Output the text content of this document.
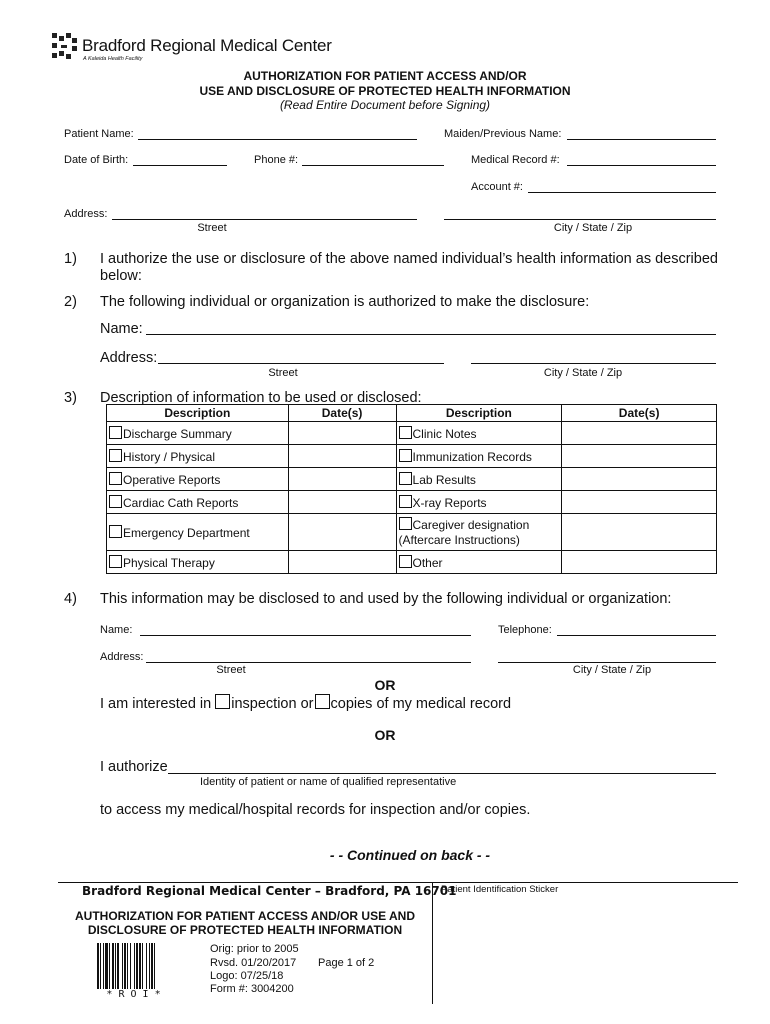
Bradford Regional Medical Center
A Kaleida Health Facility
AUTHORIZATION FOR PATIENT ACCESS AND/OR
USE AND DISCLOSURE OF PROTECTED HEALTH INFORMATION
(Read Entire Document before Signing)
Patient Name:	Maiden/Previous Name:
Date of Birth:	Phone #:	Medical Record #:
Account #:
Address:
Street	City / State / Zip
1) I authorize the use or disclosure of the above named individual’s health information as described
below:
2) The following individual or organization is authorized to make the disclosure:
Name:
Address:
Street	City / State / Zip
3) Description of information to be used or disclosed:
Description	Date(s)	Description	Date(s)
Discharge Summary		Clinic Notes	
History / Physical		Immunization Records	
Operative Reports		Lab Results	
Cardiac Cath Reports		X-ray Reports	
Emergency Department		Caregiver designation
(Aftercare Instructions)	
Physical Therapy		Other	
4) This information may be disclosed to and used by the following individual or organization:
Name:	Telephone:
Address:
Street	City / State / Zip
OR
I am interested in inspection or copies of my medical record
OR
I authorize
Identity of patient or name of qualified representative
to access my medical/hospital records for inspection and/or copies.
- - Continued on back - -
Bradford Regional Medical Center – Bradford, PA 16701
Patient Identification Sticker
AUTHORIZATION FOR PATIENT ACCESS AND/OR USE AND
DISCLOSURE OF PROTECTED HEALTH INFORMATION
* R O I *
Orig: prior to 2005
Rvsd. 01/20/2017 Page 1 of 2
Logo: 07/25/18
Form #: 3004200
